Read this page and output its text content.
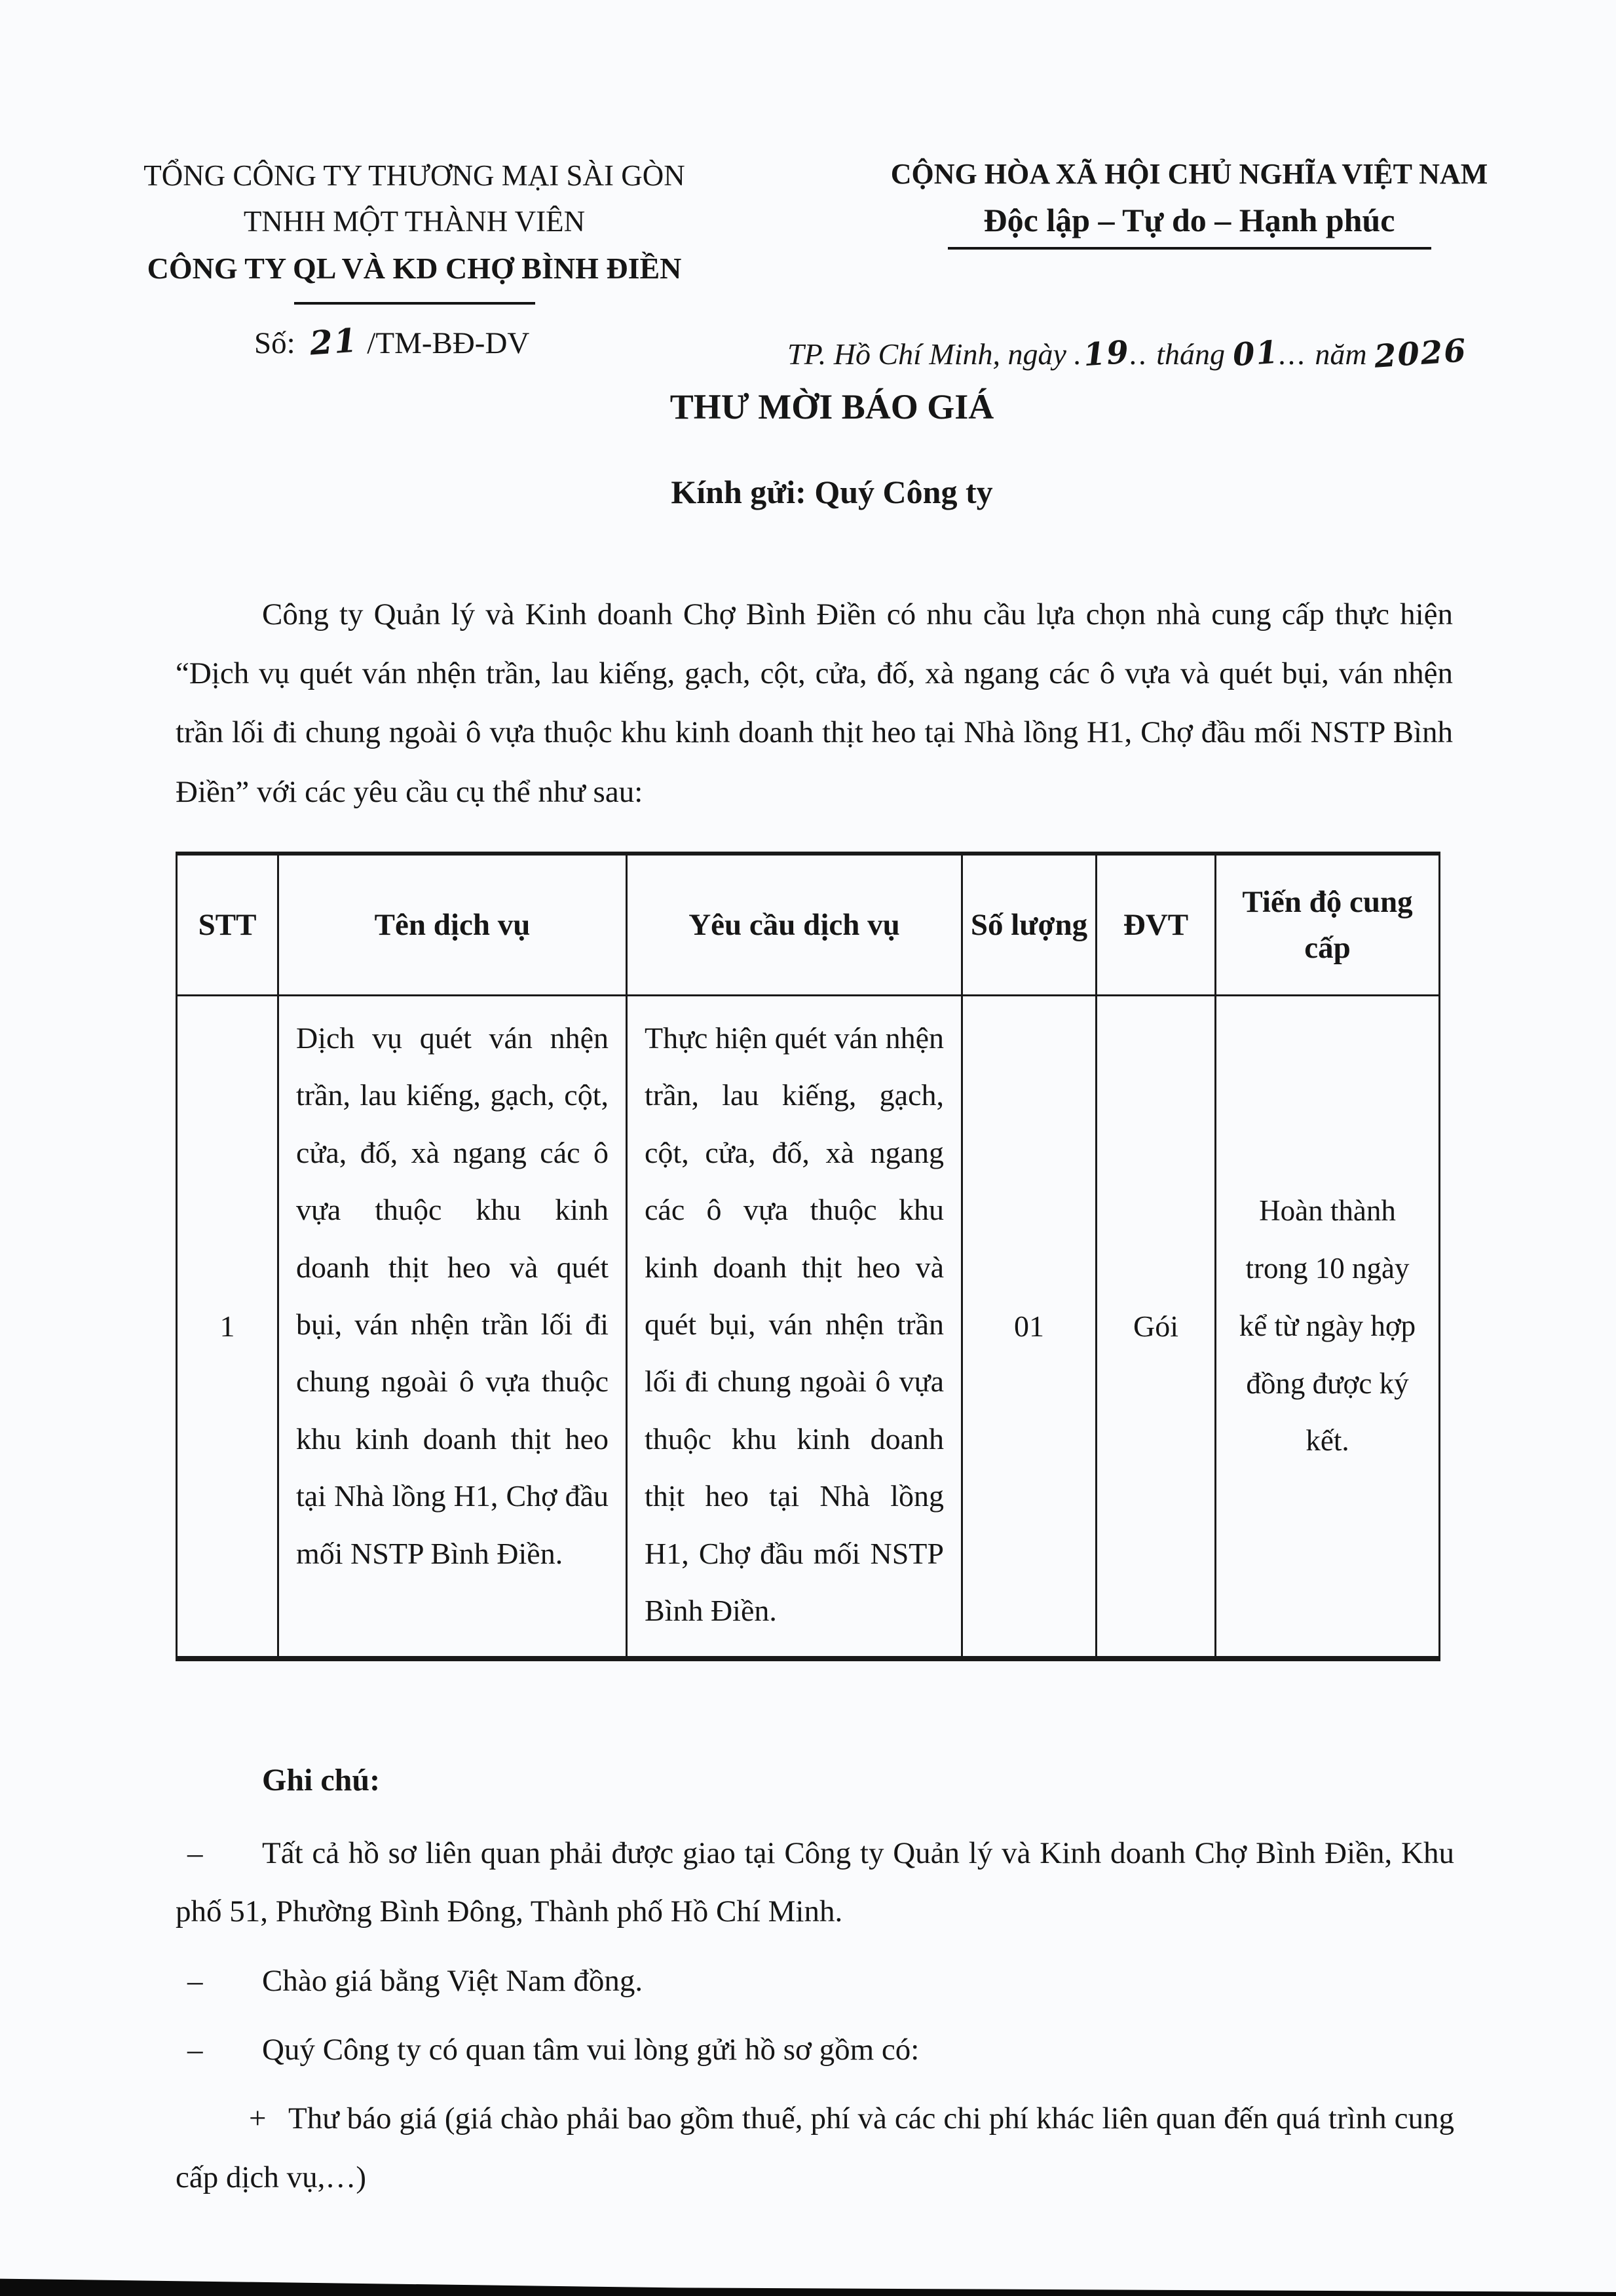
TỔNG CÔNG TY THƯƠNG MẠI SÀI GÒN
TNHH MỘT THÀNH VIÊN
CÔNG TY QL VÀ KD CHỢ BÌNH ĐIỀN
Số: 21 /TM-BĐ-DV
CỘNG HÒA XÃ HỘI CHỦ NGHĨA VIỆT NAM
Độc lập – Tự do – Hạnh phúc
TP. Hồ Chí Minh, ngày .19.. tháng 01... năm 2026
THƯ MỜI BÁO GIÁ
Kính gửi: Quý Công ty

Công ty Quản lý và Kinh doanh Chợ Bình Điền có nhu cầu lựa chọn nhà cung cấp thực hiện “Dịch vụ quét ván nhện trần, lau kiếng, gạch, cột, cửa, đố, xà ngang các ô vựa và quét bụi, ván nhện trần lối đi chung ngoài ô vựa thuộc khu kinh doanh thịt heo tại Nhà lồng H1, Chợ đầu mối NSTP Bình Điền” với các yêu cầu cụ thể như sau:

STT	Tên dịch vụ	Yêu cầu dịch vụ	Số lượng	ĐVT	Tiến độ cung cấp
1	Dịch vụ quét ván nhện trần, lau kiếng, gạch, cột, cửa, đố, xà ngang các ô vựa thuộc khu kinh doanh thịt heo và quét bụi, ván nhện trần lối đi chung ngoài ô vựa thuộc khu kinh doanh thịt heo tại Nhà lồng H1, Chợ đầu mối NSTP Bình Điền.	Thực hiện quét ván nhện trần, lau kiếng, gạch, cột, cửa, đố, xà ngang các ô vựa thuộc khu kinh doanh thịt heo và quét bụi, ván nhện trần lối đi chung ngoài ô vựa thuộc khu kinh doanh thịt heo tại Nhà lồng H1, Chợ đầu mối NSTP Bình Điền.	01	Gói	Hoàn thành trong 10 ngày kể từ ngày hợp đồng được ký kết.

Ghi chú:

– Tất cả hồ sơ liên quan phải được giao tại Công ty Quản lý và Kinh doanh Chợ Bình Điền, Khu phố 51, Phường Bình Đông, Thành phố Hồ Chí Minh.

– Chào giá bằng Việt Nam đồng.

– Quý Công ty có quan tâm vui lòng gửi hồ sơ gồm có:

+ Thư báo giá (giá chào phải bao gồm thuế, phí và các chi phí khác liên quan đến quá trình cung cấp dịch vụ,…)
